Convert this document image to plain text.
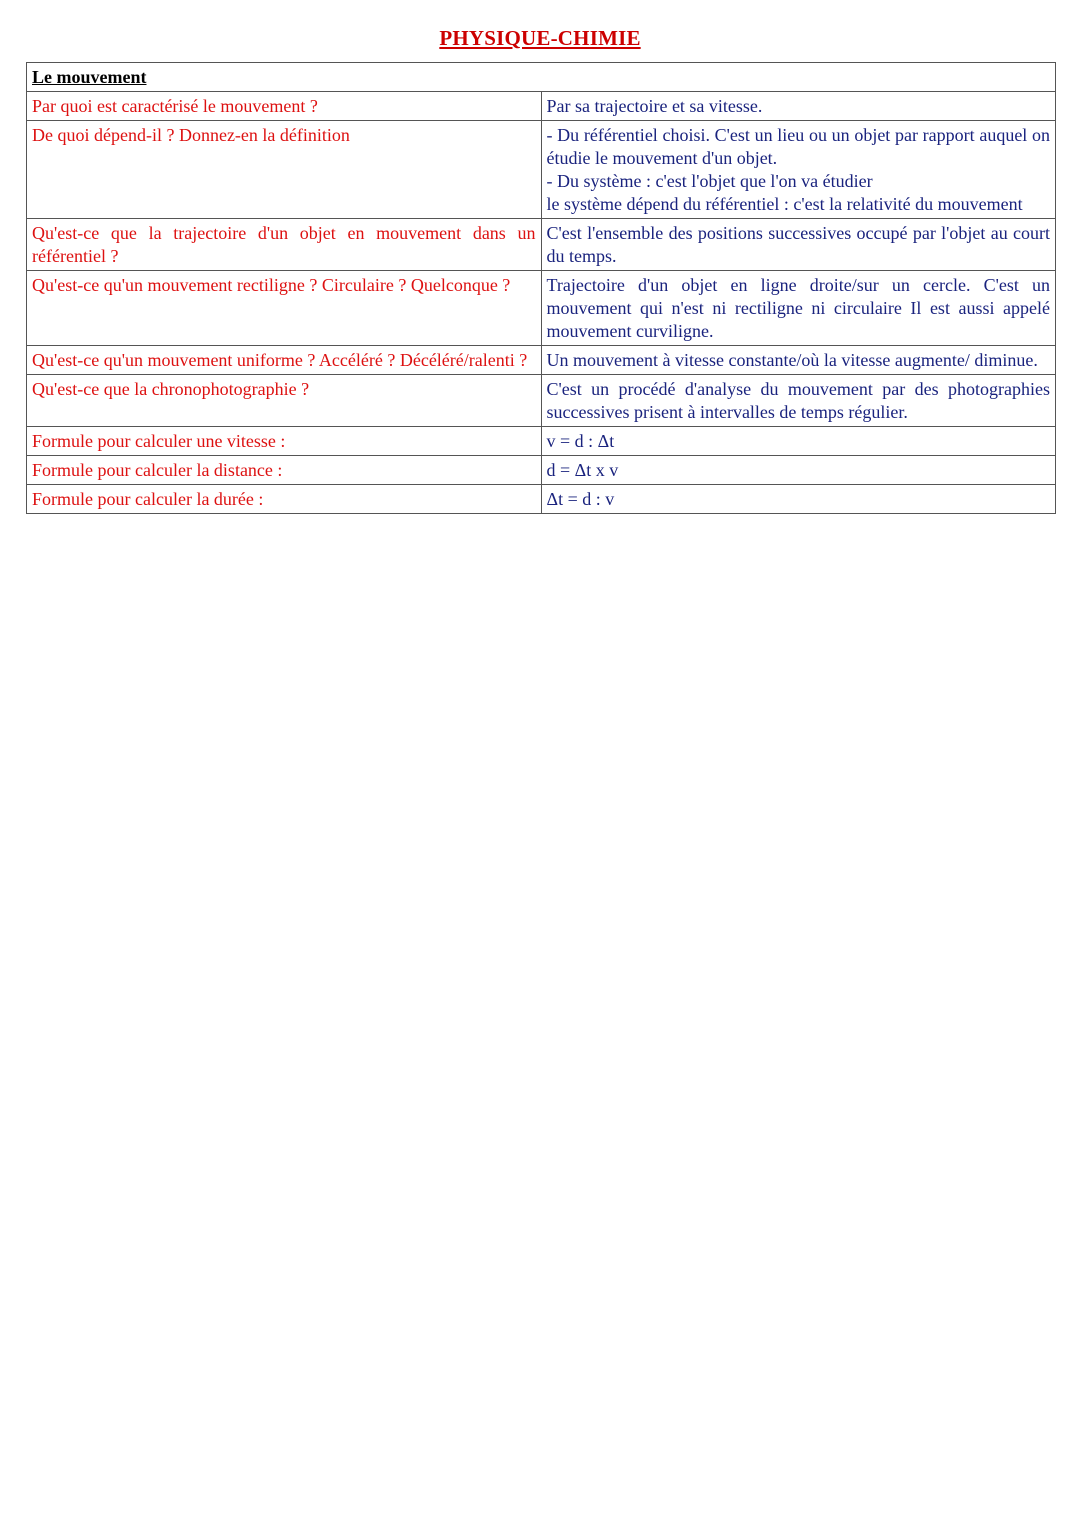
PHYSIQUE-CHIMIE
Le mouvement	
Par quoi est caractérisé le mouvement ?	Par sa trajectoire et sa vitesse.

De quoi dépend-il ? Donnez-en la définition	- Du référentiel choisi. C'est un lieu ou un objet par rapport auquel on étudie le mouvement d'un objet.
- Du système : c'est l'objet que l'on va étudier
le système dépend du référentiel : c'est la relativité du mouvement

Qu'est-ce que la trajectoire d'un objet en mouvement dans un référentiel ?	C'est l'ensemble des positions successives occupé par l'objet au court du temps.

Qu'est-ce qu'un mouvement rectiligne ? Circulaire ? Quelconque ?	Trajectoire d'un objet en ligne droite/sur un cercle. C'est un mouvement qui n'est ni rectiligne ni circulaire Il est aussi appelé mouvement curviligne.

Qu'est-ce qu'un mouvement uniforme ? Accéléré ? Décéléré/ralenti ?	Un mouvement à vitesse constante/où la vitesse augmente/ diminue.

Qu'est-ce que la chronophotographie ?	C'est un procédé d'analyse du mouvement par des photographies successives prisent à intervalles de temps régulier.

Formule pour calculer une vitesse :	v = d : Δt

Formule pour calculer la distance :	d = Δt x v

Formule pour calculer la durée :	Δt = d : v
